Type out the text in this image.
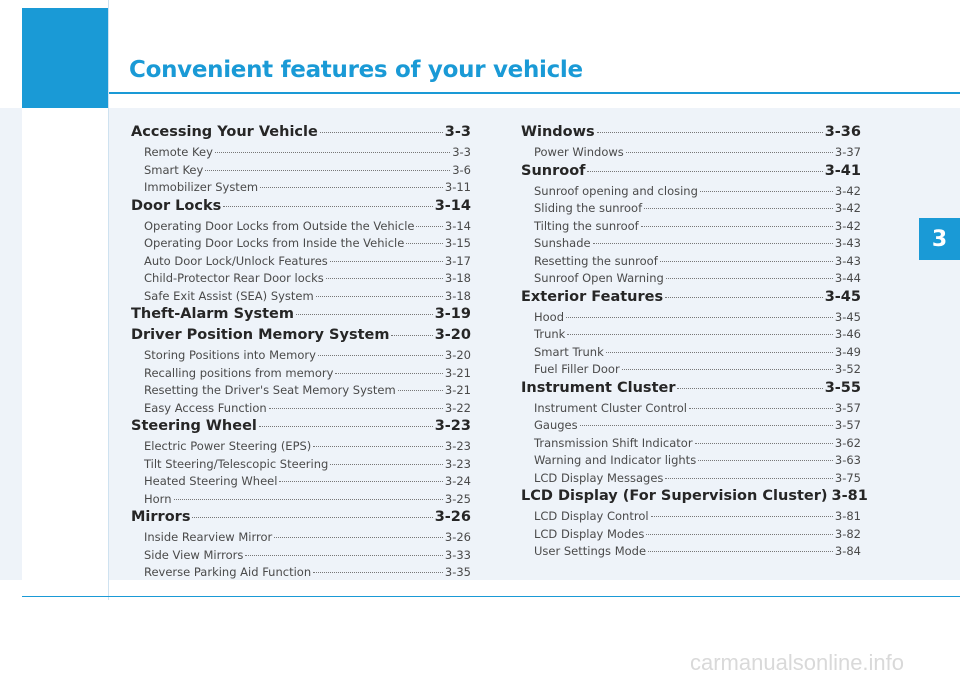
Convenient features of your vehicle
Accessing Your Vehicle	3-3
Remote Key	3-3
Smart Key	3-6
Immobilizer System	3-11
Door Locks	3-14
Operating Door Locks from Outside the Vehicle	3-14
Operating Door Locks from Inside the Vehicle	3-15
Auto Door Lock/Unlock Features	3-17
Child-Protector Rear Door locks	3-18
Safe Exit Assist (SEA) System	3-18
Theft-Alarm System	3-19
Driver Position Memory System	3-20
Storing Positions into Memory	3-20
Recalling positions from memory	3-21
Resetting the Driver's Seat Memory System	3-21
Easy Access Function	3-22
Steering Wheel	3-23
Electric Power Steering (EPS)	3-23
Tilt Steering/Telescopic Steering	3-23
Heated Steering Wheel	3-24
Horn	3-25
Mirrors	3-26
Inside Rearview Mirror	3-26
Side View Mirrors	3-33
Reverse Parking Aid Function	3-35
Windows	3-36
Power Windows	3-37
Sunroof	3-41
Sunroof opening and closing	3-42
Sliding the sunroof	3-42
Tilting the sunroof	3-42
Sunshade	3-43
Resetting the sunroof	3-43
Sunroof Open Warning	3-44
Exterior Features	3-45
Hood	3-45
Trunk	3-46
Smart Trunk	3-49
Fuel Filler Door	3-52
Instrument Cluster	3-55
Instrument Cluster Control	3-57
Gauges	3-57
Transmission Shift Indicator	3-62
Warning and Indicator lights	3-63
LCD Display Messages	3-75
LCD Display (For Supervision Cluster) 3-81
LCD Display Control	3-81
LCD Display Modes	3-82
User Settings Mode	3-84
3
carmanualsonline.info
